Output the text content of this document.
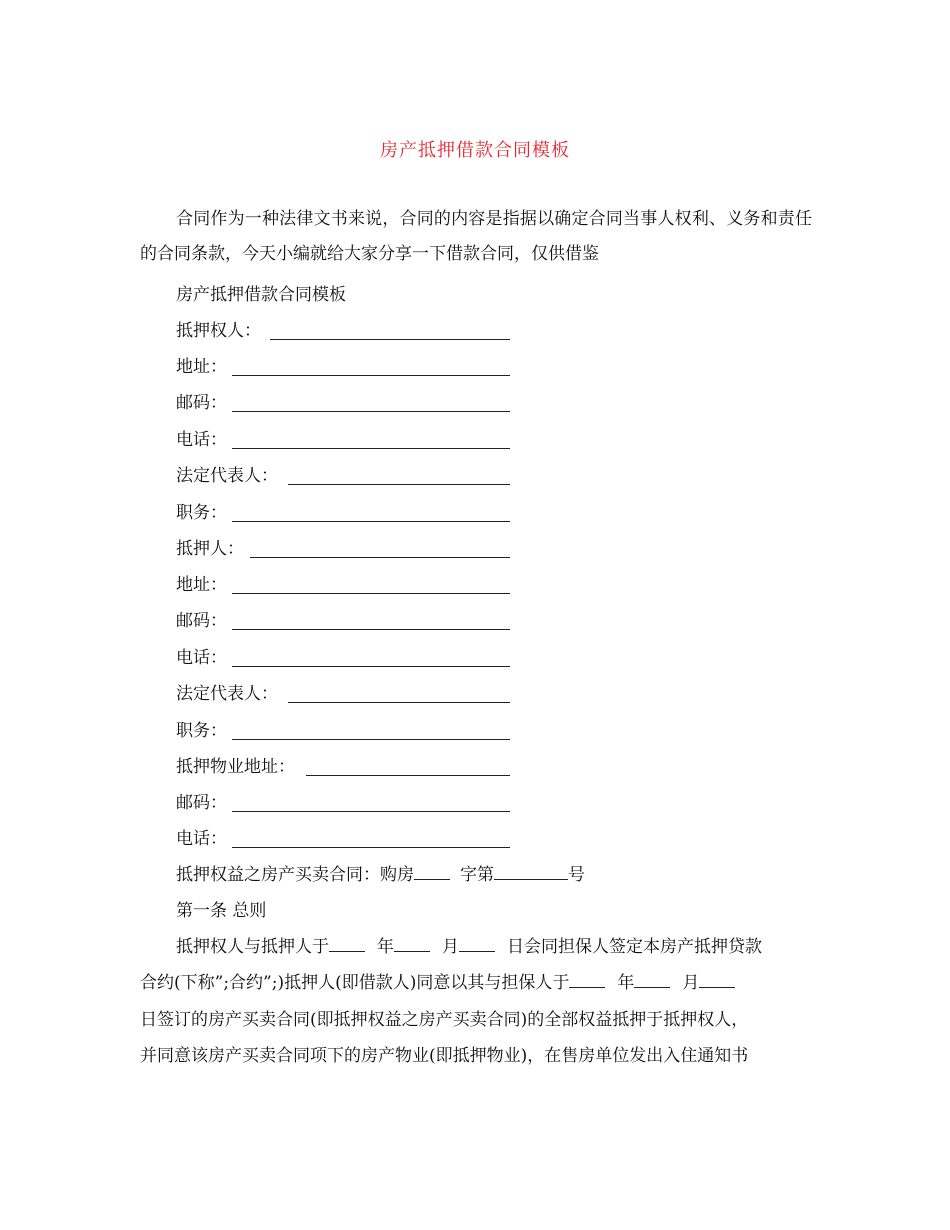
房产抵押借款合同模板
合同作为一种法律文书来说，合同的内容是指据以确定合同当事人权利、义务和责任的合同条款，今天小编就给大家分享一下借款合同，仅供借鉴
房产抵押借款合同模板
抵押权人：
地址：
邮码：
电话：
法定代表人：
职务：
抵押人：
地址：
邮码：
电话：
法定代表人：
职务：
抵押物业地址：
邮码：
电话：
抵押权益之房产买卖合同：购房	字第	号
第一条 总则
抵押权人与抵押人于	年	月	日会同担保人签定本房产抵押贷款
合约(下称”;合约”;)抵押人(即借款人)同意以其与担保人于	年	月
日签订的房产买卖合同(即抵押权益之房产买卖合同)的全部权益抵押于抵押权人，
并同意该房产买卖合同项下的房产物业(即抵押物业)，在售房单位发出入住通知书
